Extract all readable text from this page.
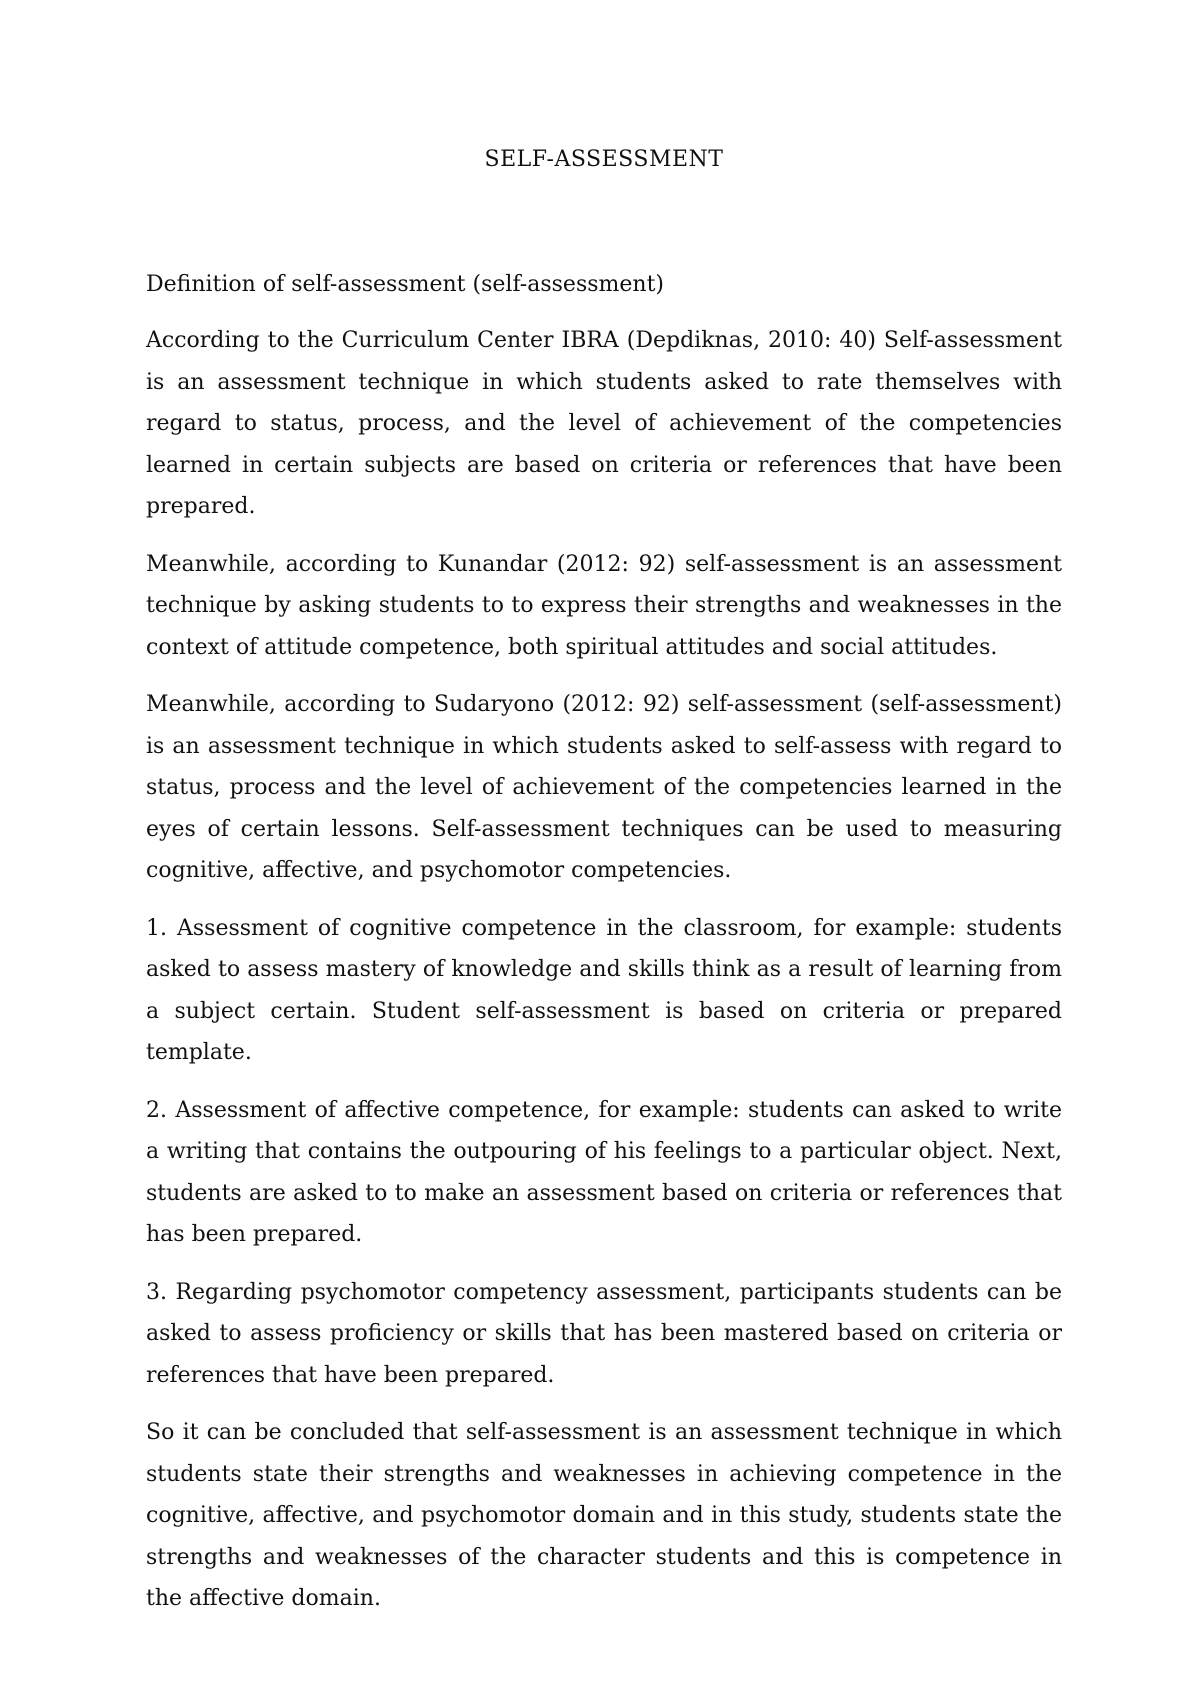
SELF-ASSESSMENT
Definition of self-assessment (self-assessment)

According to the Curriculum Center IBRA (Depdiknas, 2010: 40) Self-assessment is an assessment technique in which students asked to rate themselves with regard to status, process, and the level of achievement of the competencies learned in certain subjects are based on criteria or references that have been prepared.

Meanwhile, according to Kunandar (2012: 92) self-assessment is an assessment technique by asking students to to express their strengths and weaknesses in the context of attitude competence, both spiritual attitudes and social attitudes.

Meanwhile, according to Sudaryono (2012: 92) self-assessment (self-assessment) is an assessment technique in which students asked to self-assess with regard to status, process and the level of achievement of the competencies learned in the eyes of certain lessons. Self-assessment techniques can be used to measuring cognitive, affective, and psychomotor competencies.

1. Assessment of cognitive competence in the classroom, for example: students asked to assess mastery of knowledge and skills think as a result of learning from a subject certain. Student self-assessment is based on criteria or prepared template.

2. Assessment of affective competence, for example: students can asked to write a writing that contains the outpouring of his feelings to a particular object. Next, students are asked to to make an assessment based on criteria or references that has been prepared.

3. Regarding psychomotor competency assessment, participants students can be asked to assess proficiency or skills that has been mastered based on criteria or references that have been prepared.

So it can be concluded that self-assessment is an assessment technique in which students state their strengths and weaknesses in achieving competence in the cognitive, affective, and psychomotor domain and in this study, students state the strengths and weaknesses of the character students and this is competence in the affective domain.
